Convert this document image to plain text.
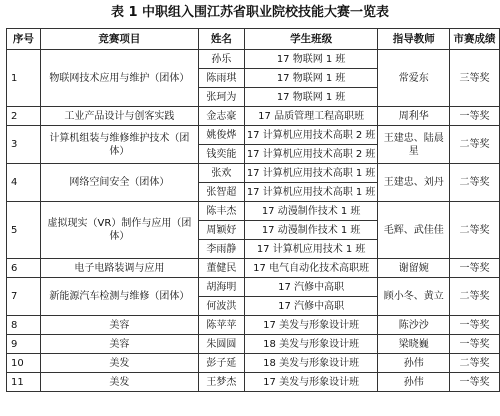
表 1 中职组入围江苏省职业院校技能大赛一览表
序号	竞赛项目	姓名	学生班级	指导教师	市赛成绩
1	物联网技术应用与维护（团体）	孙乐	17 物联网 1 班	常爱东	三等奖
		陈雨琪	17 物联网 1 班		
		张珂为	17 物联网 1 班		
2	工业产品设计与创客实践	金志豪	17 品质管理工程高职班	周利华	一等奖
3	计算机组装与维修维护技术（团体）	姚俊烨	17 计算机应用技术高职 2 班	王建忠、陆晨星	二等奖
		钱奕能	17 计算机应用技术高职 2 班		
4	网络空间安全（团体）	张欢	17 计算机应用技术高职 1 班	王建忠、刘丹	二等奖
		张智超	17 计算机应用技术高职 1 班		
5	虚拟现实（VR）制作与应用（团体）	陈丰杰	17 动漫制作技术 1 班	毛辉、武佳佳	二等奖
		周颖妤	17 动漫制作技术 1 班		
		李雨静	17 计算机应用技术 1 班		
6	电子电路装调与应用	董健民	17 电气自动化技术高职班	谢留婉	一等奖
7	新能源汽车检测与维修（团体）	胡海明	17 汽修中高职	顾小冬、黄立	二等奖
		何波洪	17 汽修中高职		
8	美容	陈苹苹	17 美发与形象设计班	陈沙沙	一等奖
9	美容	朱圆圆	18 美发与形象设计班	梁晓巍	一等奖
10	美发	彭子延	18 美发与形象设计班	孙伟	二等奖
11	美发	王梦杰	17 美发与形象设计班	孙伟	一等奖
